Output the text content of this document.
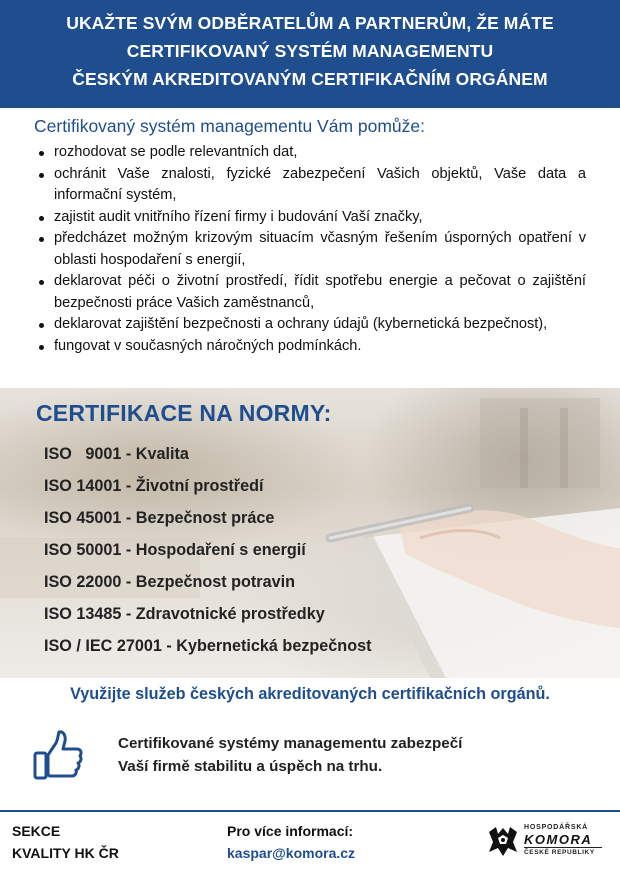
UKAŽTE SVÝM ODBĚRATELŮM A PARTNERŮM, ŽE MÁTE
CERTIFIKOVANÝ SYSTÉM MANAGEMENTU
ČESKÝM AKREDITOVANÝM CERTIFIKAČNÍM ORGÁNEM
Certifikovaný systém managementu Vám pomůže:
rozhodovat se podle relevantních dat,
ochránit Vaše znalosti, fyzické zabezpečení Vašich objektů, Vaše data a informační systém,
zajistit audit vnitřního řízení firmy i budování Vaší značky,
předcházet možným krizovým situacím včasným řešením úsporných opatření v oblasti hospodaření s energií,
deklarovat péči o životní prostředí, řídit spotřebu energie a pečovat o zajištění bezpečnosti práce Vašich zaměstnanců,
deklarovat zajištění bezpečnosti a ochrany údajů (kybernetická bezpečnost),
fungovat v současných náročných podmínkách.
CERTIFIKACE NA NORMY:
ISO   9001 - Kvalita
ISO 14001 - Životní prostředí
ISO 45001 - Bezpečnost práce
ISO 50001 - Hospodaření s energií
ISO 22000 - Bezpečnost potravin
ISO 13485 - Zdravotnické prostředky
ISO / IEC 27001 - Kybernetická bezpečnost
Využijte služeb českých akreditovaných certifikačních orgánů.
Certifikované systémy managementu zabezpečí
Vaší firmě stabilitu a úspěch na trhu.
SEKCE
KVALITY HK ČR
Pro více informací:
kaspar@komora.cz
HOSPODÁŘSKÁ
KOMORA
ČESKÉ REPUBLIKY
